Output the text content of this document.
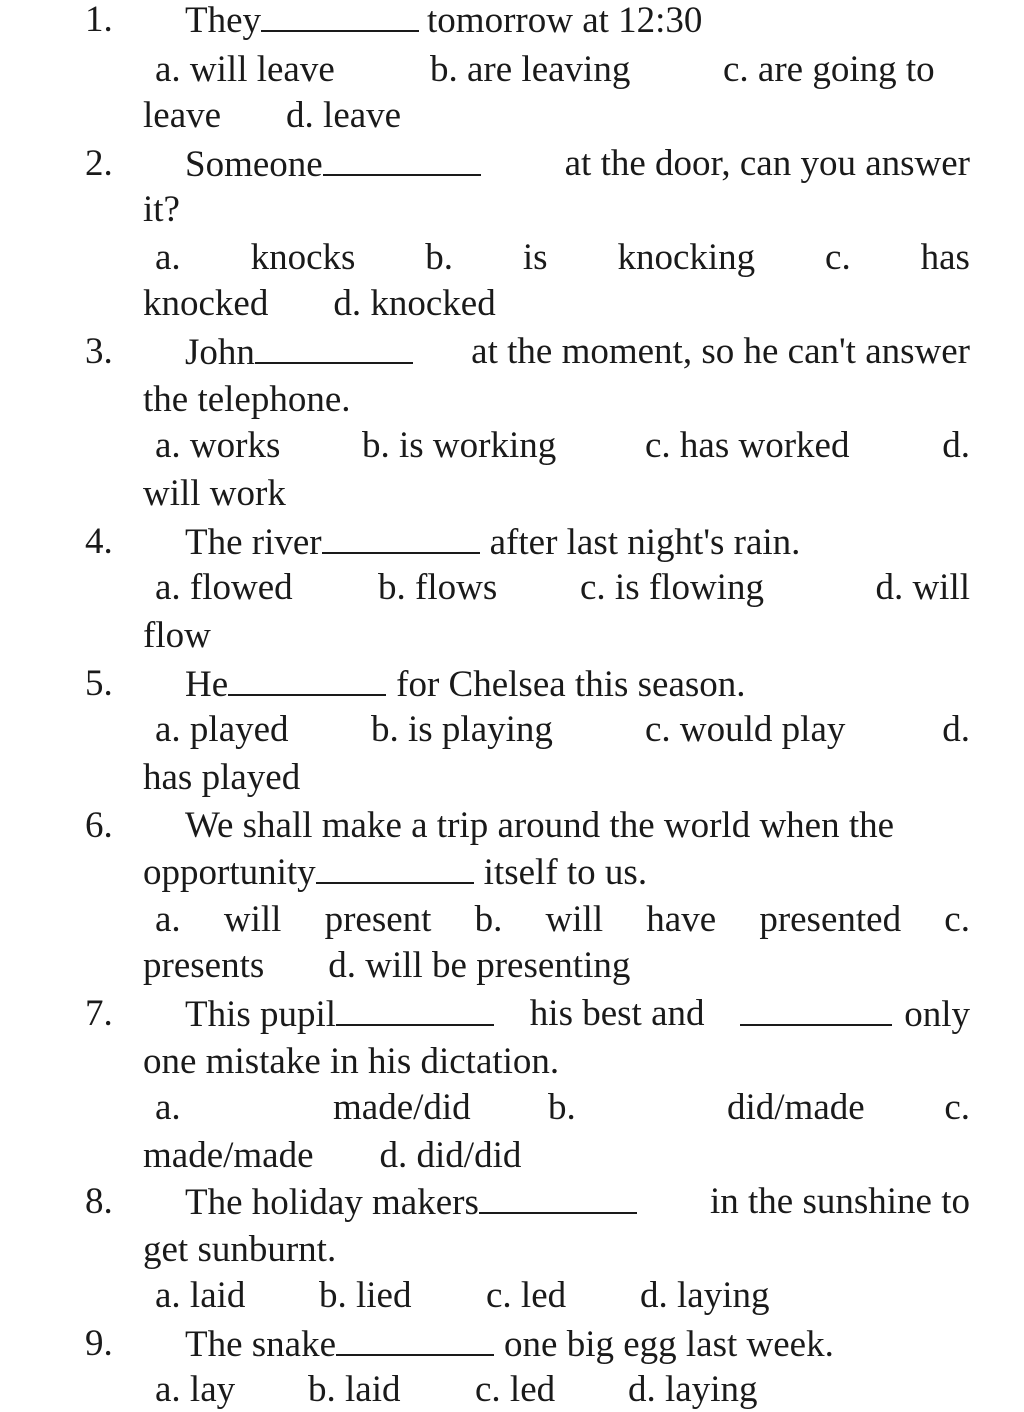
1. They	tomorrow at 12:30
a. will leave	b. are leaving	c. are going to
leave d. leave
2. Someone	at the door, can you answer
it?
a. knocks b. is knocking c. has
knocked d. knocked
3. John	at the moment, so he can't answer
the telephone.
a. works b. is working c. has worked	d.
will work
4. The river	after last night's rain.
a. flowed b. flows c. is flowing	d. will
flow
5. He	for Chelsea this season.
a. played b. is playing c. would play	d.
has played
6. We shall make a trip around the world when the
opportunity	itself to us.
a. will present b. will have presented c.
presents d. will be presenting
7. This pupil	his best and	only
one mistake in his dictation.
a.	made/did b.	did/made c.
made/made d. did/did
8. The holiday makers	in the sunshine to
get sunburnt.
a. laid b. lied c. led d. laying
9. The snake	one big egg last week.
a. lay b. laid c. led d. laying
